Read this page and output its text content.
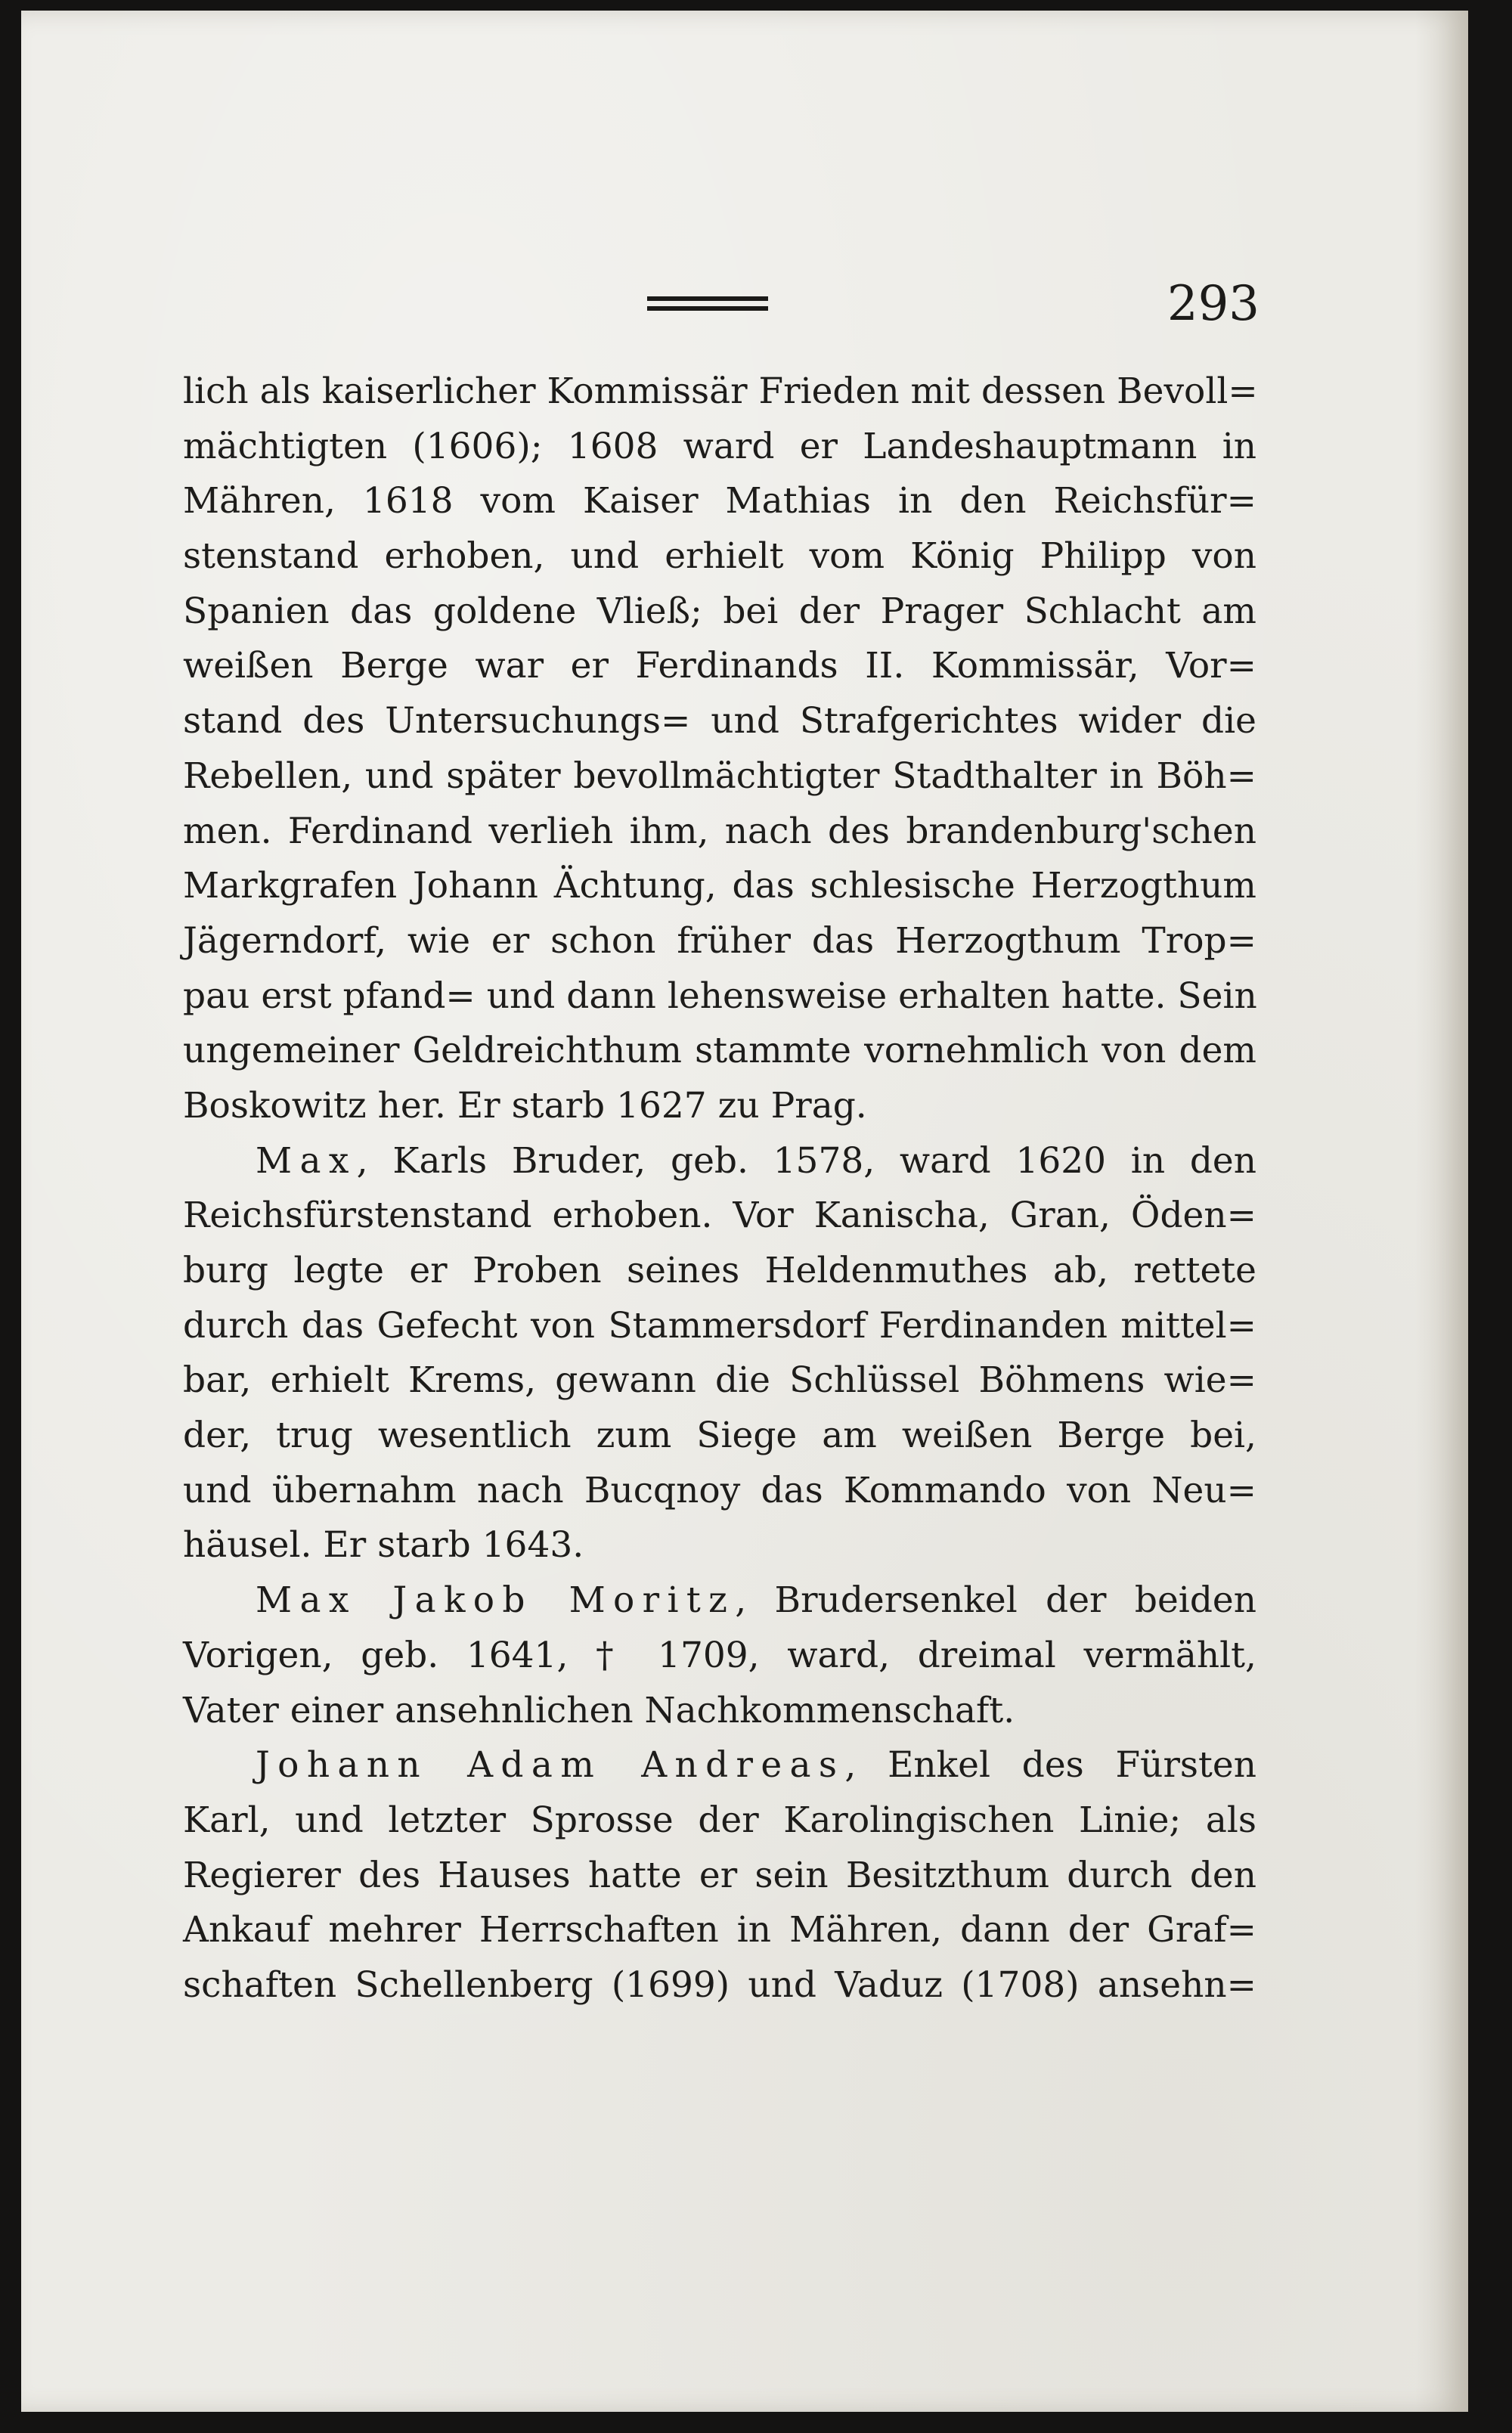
293
lich als kaiserlicher Kommissär Frieden mit dessen Bevoll=
mächtigten (1606); 1608 ward er Landeshauptmann in
Mähren, 1618 vom Kaiser Mathias in den Reichsfür=
stenstand erhoben, und erhielt vom König Philipp von
Spanien das goldene Vließ; bei der Prager Schlacht am
weißen Berge war er Ferdinands II. Kommissär, Vor=
stand des Untersuchungs= und Strafgerichtes wider die
Rebellen, und später bevollmächtigter Stadthalter in Böh=
men. Ferdinand verlieh ihm, nach des brandenburg'schen
Markgrafen Johann Ächtung, das schlesische Herzogthum
Jägerndorf, wie er schon früher das Herzogthum Trop=
pau erst pfand= und dann lehensweise erhalten hatte. Sein
ungemeiner Geldreichthum stammte vornehmlich von dem
Boskowitz her. Er starb 1627 zu Prag.
Max, Karls Bruder, geb. 1578, ward 1620 in den
Reichsfürstenstand erhoben. Vor Kanischa, Gran, Öden=
burg legte er Proben seines Heldenmuthes ab, rettete
durch das Gefecht von Stammersdorf Ferdinanden mittel=
bar, erhielt Krems, gewann die Schlüssel Böhmens wie=
der, trug wesentlich zum Siege am weißen Berge bei,
und übernahm nach Bucqnoy das Kommando von Neu=
häusel. Er starb 1643.
Max Jakob Moritz, Brudersenkel der beiden
Vorigen, geb. 1641, † 1709, ward, dreimal vermählt,
Vater einer ansehnlichen Nachkommenschaft.
Johann Adam Andreas, Enkel des Fürsten
Karl, und letzter Sprosse der Karolingischen Linie; als
Regierer des Hauses hatte er sein Besitzthum durch den
Ankauf mehrer Herrschaften in Mähren, dann der Graf=
schaften Schellenberg (1699) und Vaduz (1708) ansehn=
